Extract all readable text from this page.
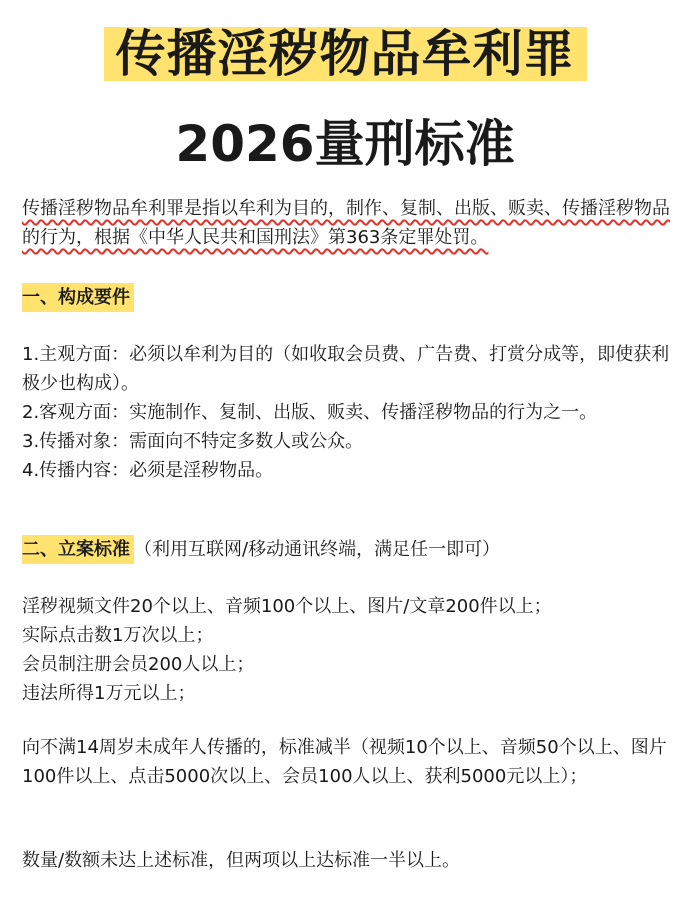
传播淫秽物品牟利罪
2026量刑标准

传播淫秽物品牟利罪是指以牟利为目的，制作、复制、出版、贩卖、传播淫秽物品的行为，根据《中华人民共和国刑法》第363条定罪处罚。

一、构成要件

1.主观方面：必须以牟利为目的（如收取会员费、广告费、打赏分成等，即使获利极少也构成）。

2.客观方面：实施制作、复制、出版、贩卖、传播淫秽物品的行为之一。

3.传播对象：需面向不特定多数人或公众。

4.传播内容：必须是淫秽物品。

二、立案标准 （利用互联网/移动通讯终端，满足任一即可）

淫秽视频文件20个以上、音频100个以上、图片/文章200件以上；

实际点击数1万次以上；

会员制注册会员200人以上；

违法所得1万元以上；

向不满14周岁未成年人传播的，标准减半（视频10个以上、音频50个以上、图片100件以上、点击5000次以上、会员100人以上、获利5000元以上）；

数量/数额未达上述标准，但两项以上达标准一半以上。
